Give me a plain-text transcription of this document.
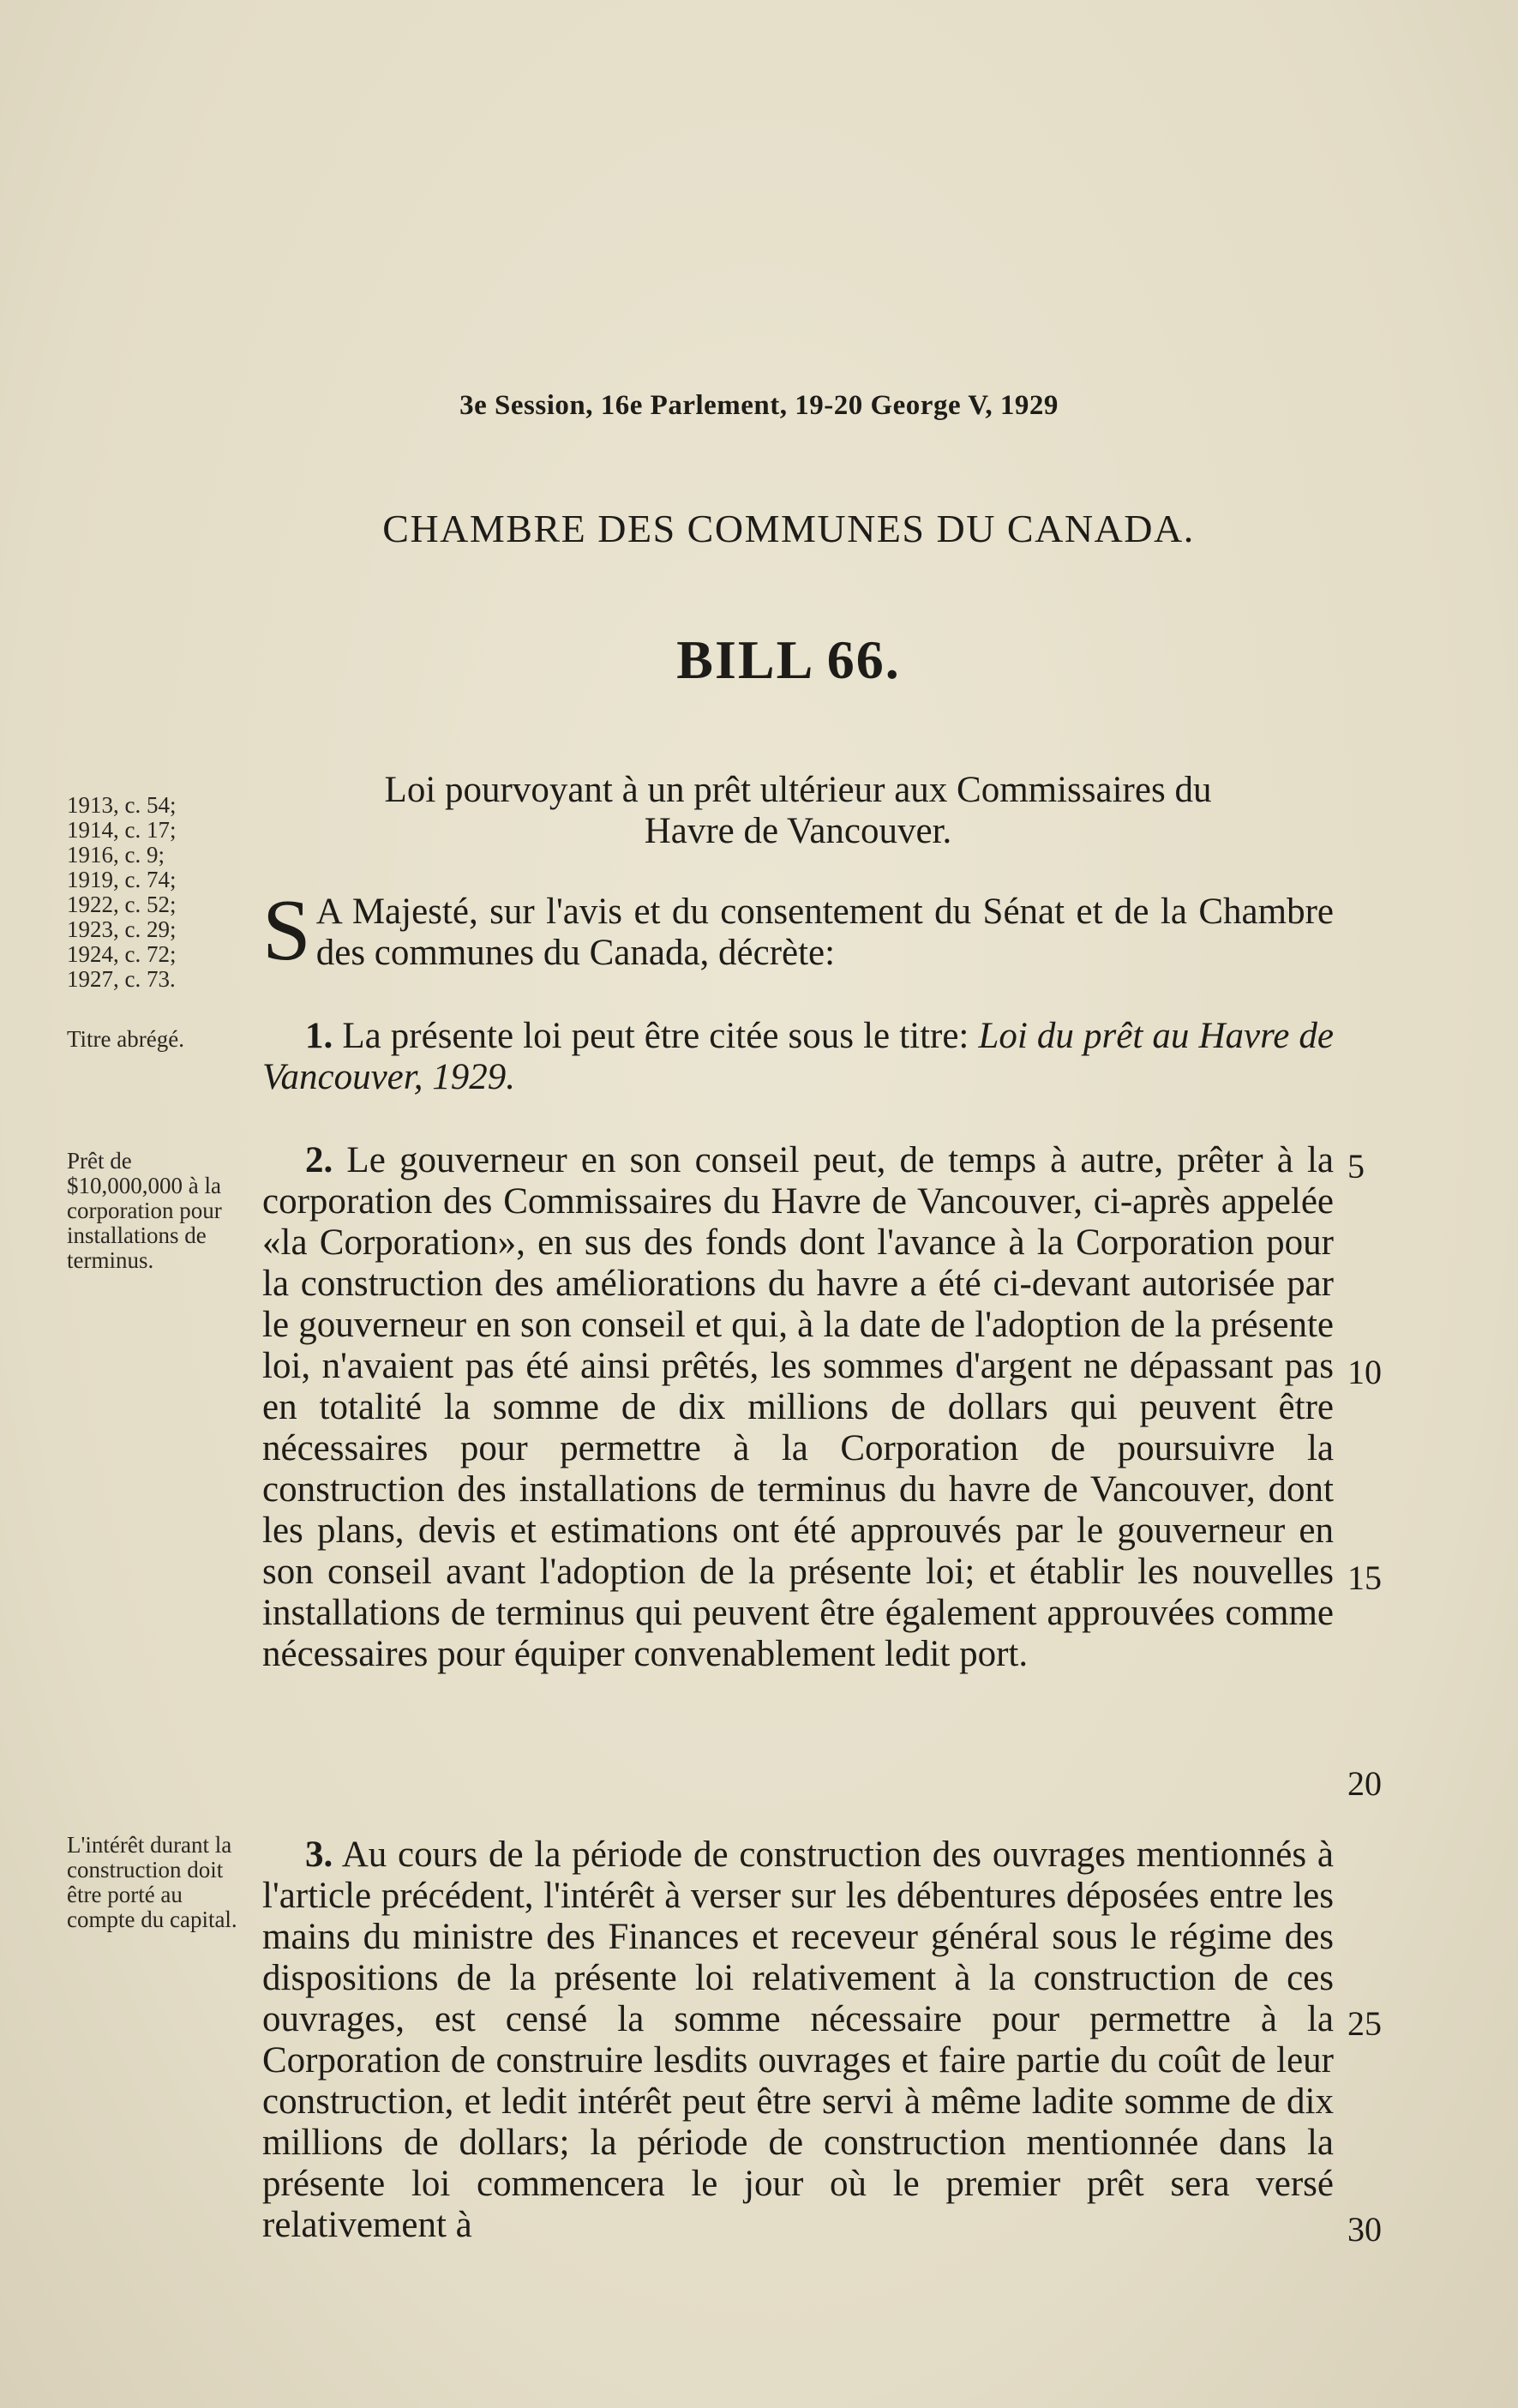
3e Session, 16e Parlement, 19-20 George V, 1929
CHAMBRE DES COMMUNES DU CANADA.
BILL 66.
1913, c. 54;
1914, c. 17;
1916, c. 9;
1919, c. 74;
1922, c. 52;
1923, c. 29;
1924, c. 72;
1927, c. 73.
Titre abrégé.
Prêt de $10,000,000 à la corporation pour installations de terminus.
L'intérêt durant la construction doit être porté au compte du capital.
Loi pourvoyant à un prêt ultérieur aux Commissaires du
Havre de Vancouver.
S A Majesté, sur l'avis et du consentement du Sénat et de la Chambre des communes du Canada, décrète:

1. La présente loi peut être citée sous le titre: Loi du prêt au Havre de Vancouver, 1929.

2. Le gouverneur en son conseil peut, de temps à autre, prêter à la corporation des Commissaires du Havre de Vancouver, ci-après appelée «la Corporation», en sus des fonds dont l'avance à la Corporation pour la construction des améliorations du havre a été ci-devant autorisée par le gouverneur en son conseil et qui, à la date de l'adoption de la présente loi, n'avaient pas été ainsi prêtés, les sommes d'argent ne dépassant pas en totalité la somme de dix millions de dollars qui peuvent être nécessaires pour permettre à la Corporation de poursuivre la construction des installations de terminus du havre de Vancouver, dont les plans, devis et estimations ont été approuvés par le gouverneur en son conseil avant l'adoption de la présente loi; et établir les nouvelles installations de terminus qui peuvent être également approuvées comme nécessaires pour équiper convenablement ledit port.

3. Au cours de la période de construction des ouvrages mentionnés à l'article précédent, l'intérêt à verser sur les débentures déposées entre les mains du ministre des Finances et receveur général sous le régime des dispositions de la présente loi relativement à la construction de ces ouvrages, est censé la somme nécessaire pour permettre à la Corporation de construire lesdits ouvrages et faire partie du coût de leur construction, et ledit intérêt peut être servi à même ladite somme de dix millions de dollars; la période de construction mentionnée dans la présente loi commencera le jour où le premier prêt sera versé relativement à

5
10
15
20
25
30
